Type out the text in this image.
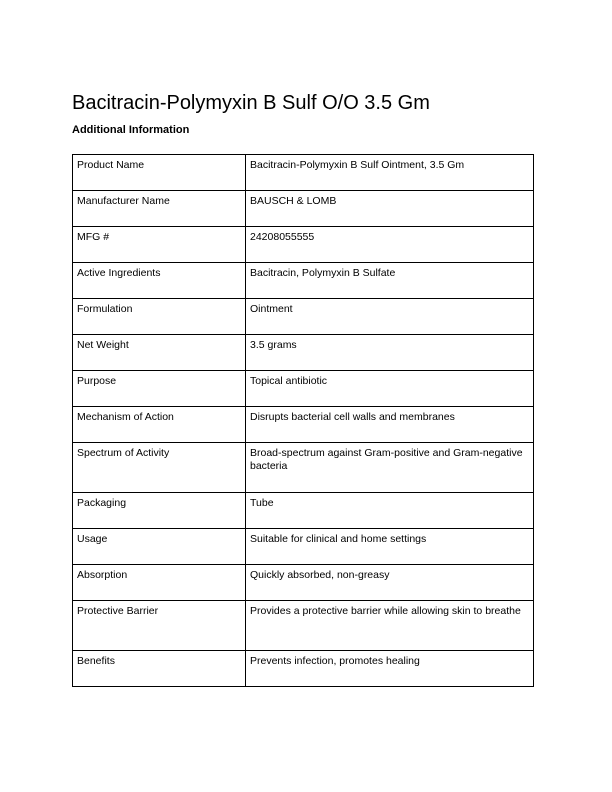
Bacitracin-Polymyxin B Sulf O/O 3.5 Gm
Additional Information
Product Name	Bacitracin-Polymyxin B Sulf Ointment, 3.5 Gm
Manufacturer Name	BAUSCH & LOMB
MFG #	24208055555
Active Ingredients	Bacitracin, Polymyxin B Sulfate
Formulation	Ointment
Net Weight	3.5 grams
Purpose	Topical antibiotic
Mechanism of Action	Disrupts bacterial cell walls and membranes
Spectrum of Activity	Broad-spectrum against Gram-positive and Gram-negative bacteria
Packaging	Tube
Usage	Suitable for clinical and home settings
Absorption	Quickly absorbed, non-greasy
Protective Barrier	Provides a protective barrier while allowing skin to breathe
Benefits	Prevents infection, promotes healing
